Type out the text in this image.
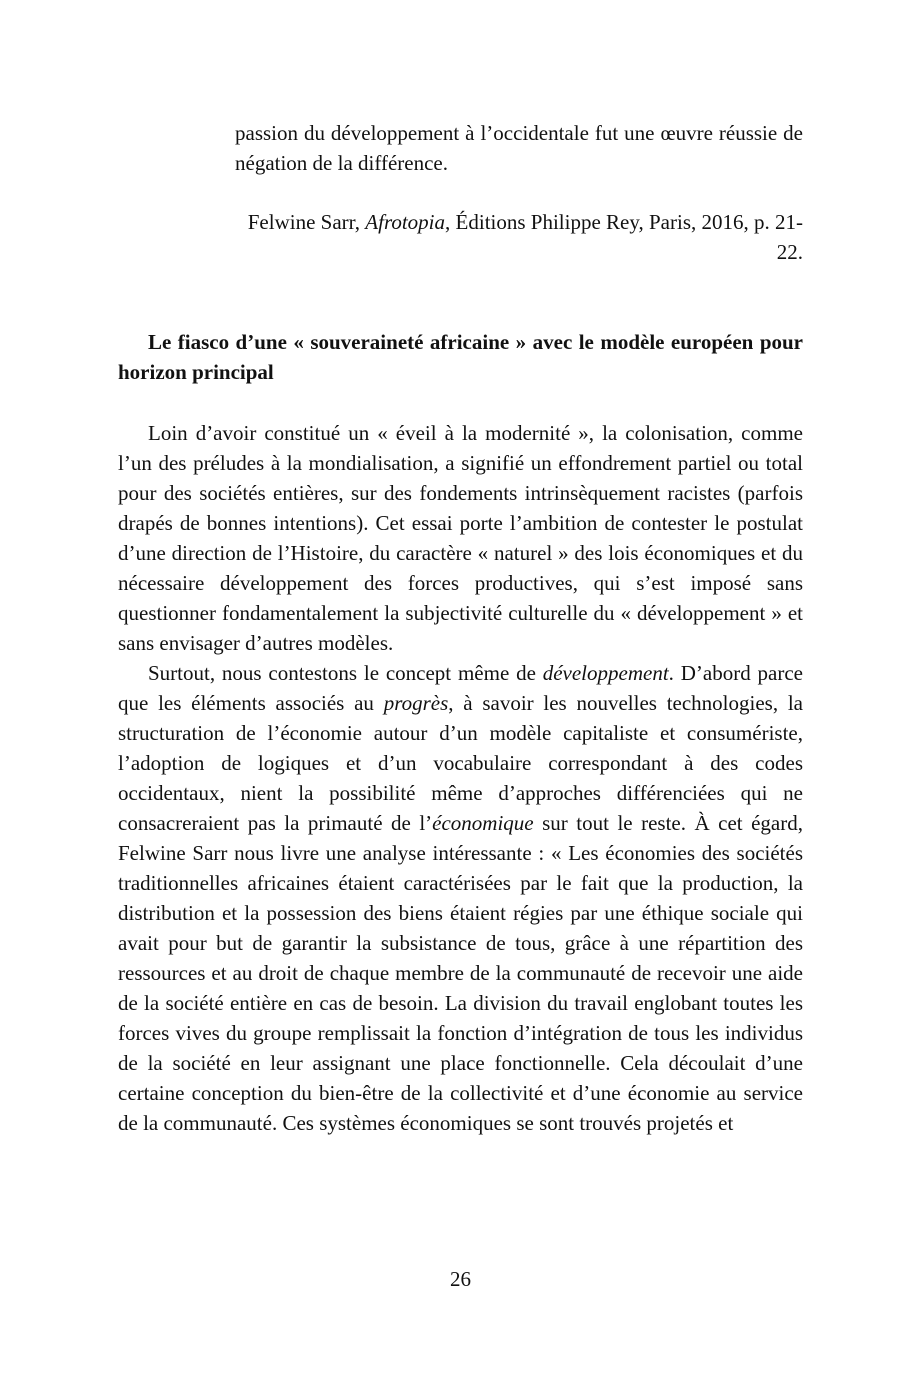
passion du développement à l’occidentale fut une œuvre réussie de négation de la différence.
Felwine Sarr, Afrotopia, Éditions Philippe Rey, Paris, 2016, p. 21-22.
Le fiasco d’une « souveraineté africaine » avec le modèle européen pour horizon principal

Loin d’avoir constitué un « éveil à la modernité », la colonisation, comme l’un des préludes à la mondialisation, a signifié un effondrement partiel ou total pour des sociétés entières, sur des fondements intrinsèquement racistes (parfois drapés de bonnes intentions). Cet essai porte l’ambition de contester le postulat d’une direction de l’Histoire, du caractère « naturel » des lois économiques et du nécessaire développement des forces productives, qui s’est imposé sans questionner fondamentalement la subjectivité culturelle du « développement » et sans envisager d’autres modèles.

Surtout, nous contestons le concept même de développement. D’abord parce que les éléments associés au progrès, à savoir les nouvelles technologies, la structuration de l’économie autour d’un modèle capitaliste et consumériste, l’adoption de logiques et d’un vocabulaire correspondant à des codes occidentaux, nient la possibilité même d’approches différenciées qui ne consacreraient pas la primauté de l’économique sur tout le reste. À cet égard, Felwine Sarr nous livre une analyse intéressante : « Les économies des sociétés traditionnelles africaines étaient caractérisées par le fait que la production, la distribution et la possession des biens étaient régies par une éthique sociale qui avait pour but de garantir la subsistance de tous, grâce à une répartition des ressources et au droit de chaque membre de la communauté de recevoir une aide de la société entière en cas de besoin. La division du travail englobant toutes les forces vives du groupe remplissait la fonction d’intégration de tous les individus de la société en leur assignant une place fonctionnelle. Cela découlait d’une certaine conception du bien-être de la collectivité et d’une économie au service de la communauté. Ces systèmes économiques se sont trouvés projetés et

26
